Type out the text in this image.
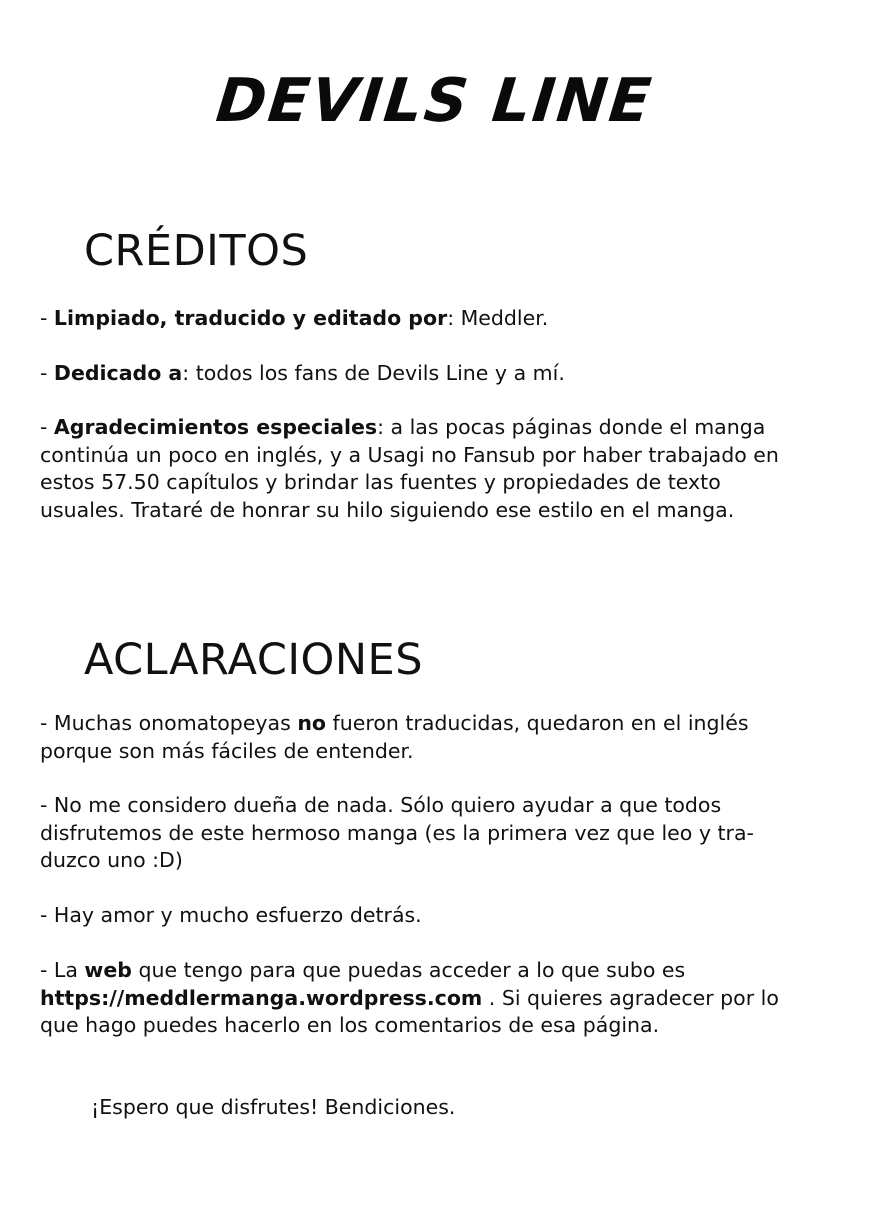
DEVILS LINE
CRÉDITOS

- Limpiado, traducido y editado por: Meddler.

- Dedicado a: todos los fans de Devils Line y a mí.

- Agradecimientos especiales: a las pocas páginas donde el manga continúa un poco en inglés, y a Usagi no Fansub por haber trabajado en estos 57.50 capítulos y brindar las fuentes y propiedades de texto usuales. Trataré de honrar su hilo siguiendo ese estilo en el manga.

ACLARACIONES

- Muchas onomatopeyas no fueron traducidas, quedaron en el inglés porque son más fáciles de entender.

- No me considero dueña de nada. Sólo quiero ayudar a que todos disfrutemos de este hermoso manga (es la primera vez que leo y tra-duzco uno :D)

- Hay amor y mucho esfuerzo detrás.

- La web que tengo para que puedas acceder a lo que subo es https://meddlermanga.wordpress.com . Si quieres agradecer por lo que hago puedes hacerlo en los comentarios de esa página.

¡Espero que disfrutes! Bendiciones.
